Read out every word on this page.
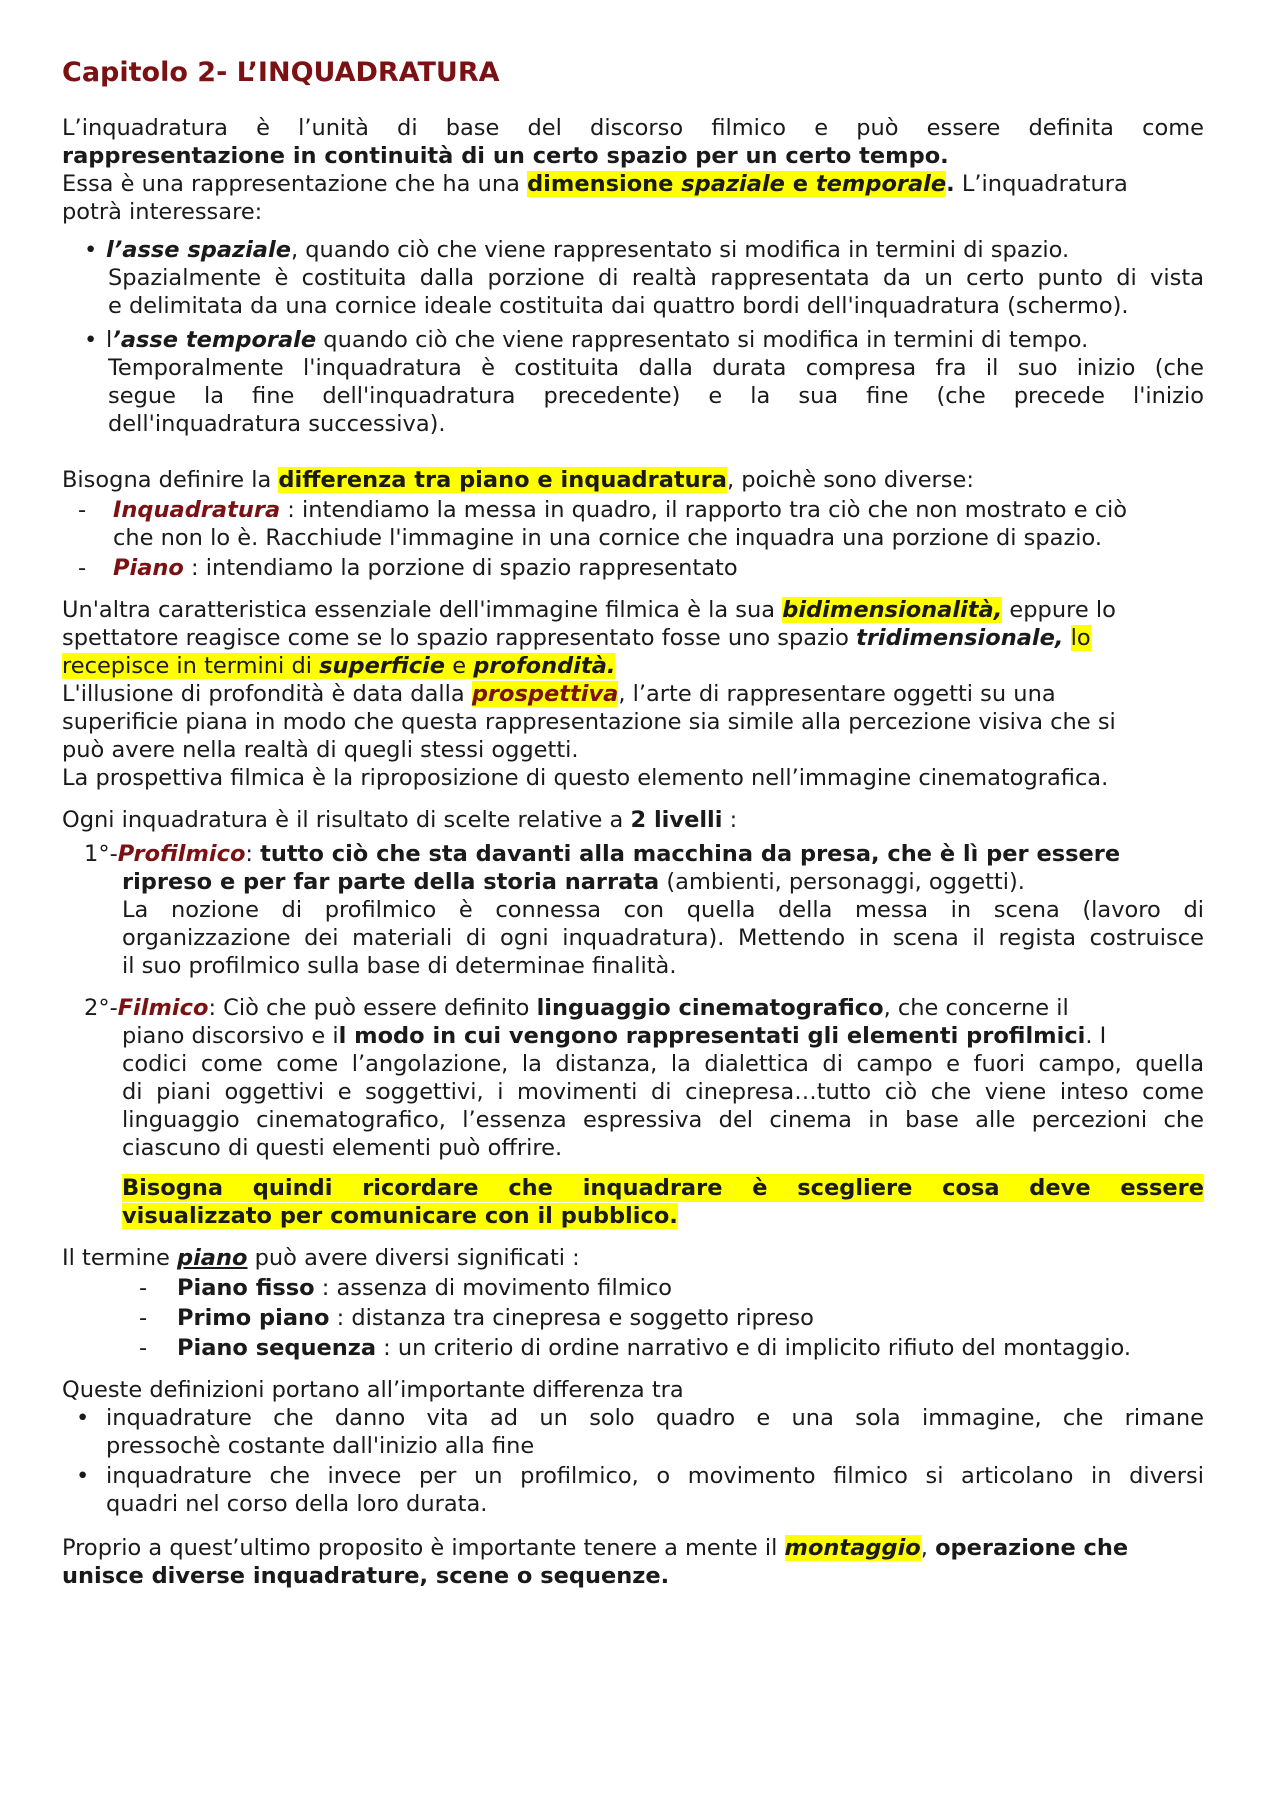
Capitolo 2- L’INQUADRATURA
L’inquadratura è l’unità di base del discorso filmico e può essere definita come
rappresentazione in continuità di un certo spazio per un certo tempo.
Essa è una rappresentazione che ha una dimensione spaziale e temporale. L’inquadratura
potrà interessare:
• l’asse spaziale, quando ciò che viene rappresentato si modifica in termini di spazio.
Spazialmente è costituita dalla porzione di realtà rappresentata da un certo punto di vista
e delimitata da una cornice ideale costituita dai quattro bordi dell'inquadratura (schermo).
• l’asse temporale quando ciò che viene rappresentato si modifica in termini di tempo.
Temporalmente l'inquadratura è costituita dalla durata compresa fra il suo inizio (che
segue la fine dell'inquadratura precedente) e la sua fine (che precede l'inizio
dell'inquadratura successiva).
Bisogna definire la differenza tra piano e inquadratura, poichè sono diverse:
- Inquadratura : intendiamo la messa in quadro, il rapporto tra ciò che non mostrato e ciò
che non lo è. Racchiude l'immagine in una cornice che inquadra una porzione di spazio.
- Piano : intendiamo la porzione di spazio rappresentato
Un'altra caratteristica essenziale dell'immagine filmica è la sua bidimensionalità, eppure lo
spettatore reagisce come se lo spazio rappresentato fosse uno spazio tridimensionale, lo
recepisce in termini di superficie e profondità.
L'illusione di profondità è data dalla prospettiva, l’arte di rappresentare oggetti su una
superificie piana in modo che questa rappresentazione sia simile alla percezione visiva che si
può avere nella realtà di quegli stessi oggetti.
La prospettiva filmica è la riproposizione di questo elemento nell’immagine cinematografica.
Ogni inquadratura è il risultato di scelte relative a 2 livelli :
1°-Profilmico: tutto ciò che sta davanti alla macchina da presa, che è lì per essere
ripreso e per far parte della storia narrata (ambienti, personaggi, oggetti).
La nozione di profilmico è connessa con quella della messa in scena (lavoro di
organizzazione dei materiali di ogni inquadratura). Mettendo in scena il regista costruisce
il suo profilmico sulla base di determinae finalità.
2°-Filmico: Ciò che può essere definito linguaggio cinematografico, che concerne il
piano discorsivo e il modo in cui vengono rappresentati gli elementi profilmici. I
codici come come l’angolazione, la distanza, la dialettica di campo e fuori campo, quella
di piani oggettivi e soggettivi, i movimenti di cinepresa…tutto ciò che viene inteso come
linguaggio cinematografico, l’essenza espressiva del cinema in base alle percezioni che
ciascuno di questi elementi può offrire.
Bisogna quindi ricordare che inquadrare è scegliere cosa deve essere
visualizzato per comunicare con il pubblico.
Il termine piano può avere diversi significati :
- Piano fisso : assenza di movimento filmico
- Primo piano : distanza tra cinepresa e soggetto ripreso
- Piano sequenza : un criterio di ordine narrativo e di implicito rifiuto del montaggio.
Queste definizioni portano all’importante differenza tra
• inquadrature che danno vita ad un solo quadro e una sola immagine, che rimane
pressochè costante dall'inizio alla fine
• inquadrature che invece per un profilmico, o movimento filmico si articolano in diversi
quadri nel corso della loro durata.
Proprio a quest’ultimo proposito è importante tenere a mente il montaggio, operazione che
unisce diverse inquadrature, scene o sequenze.
